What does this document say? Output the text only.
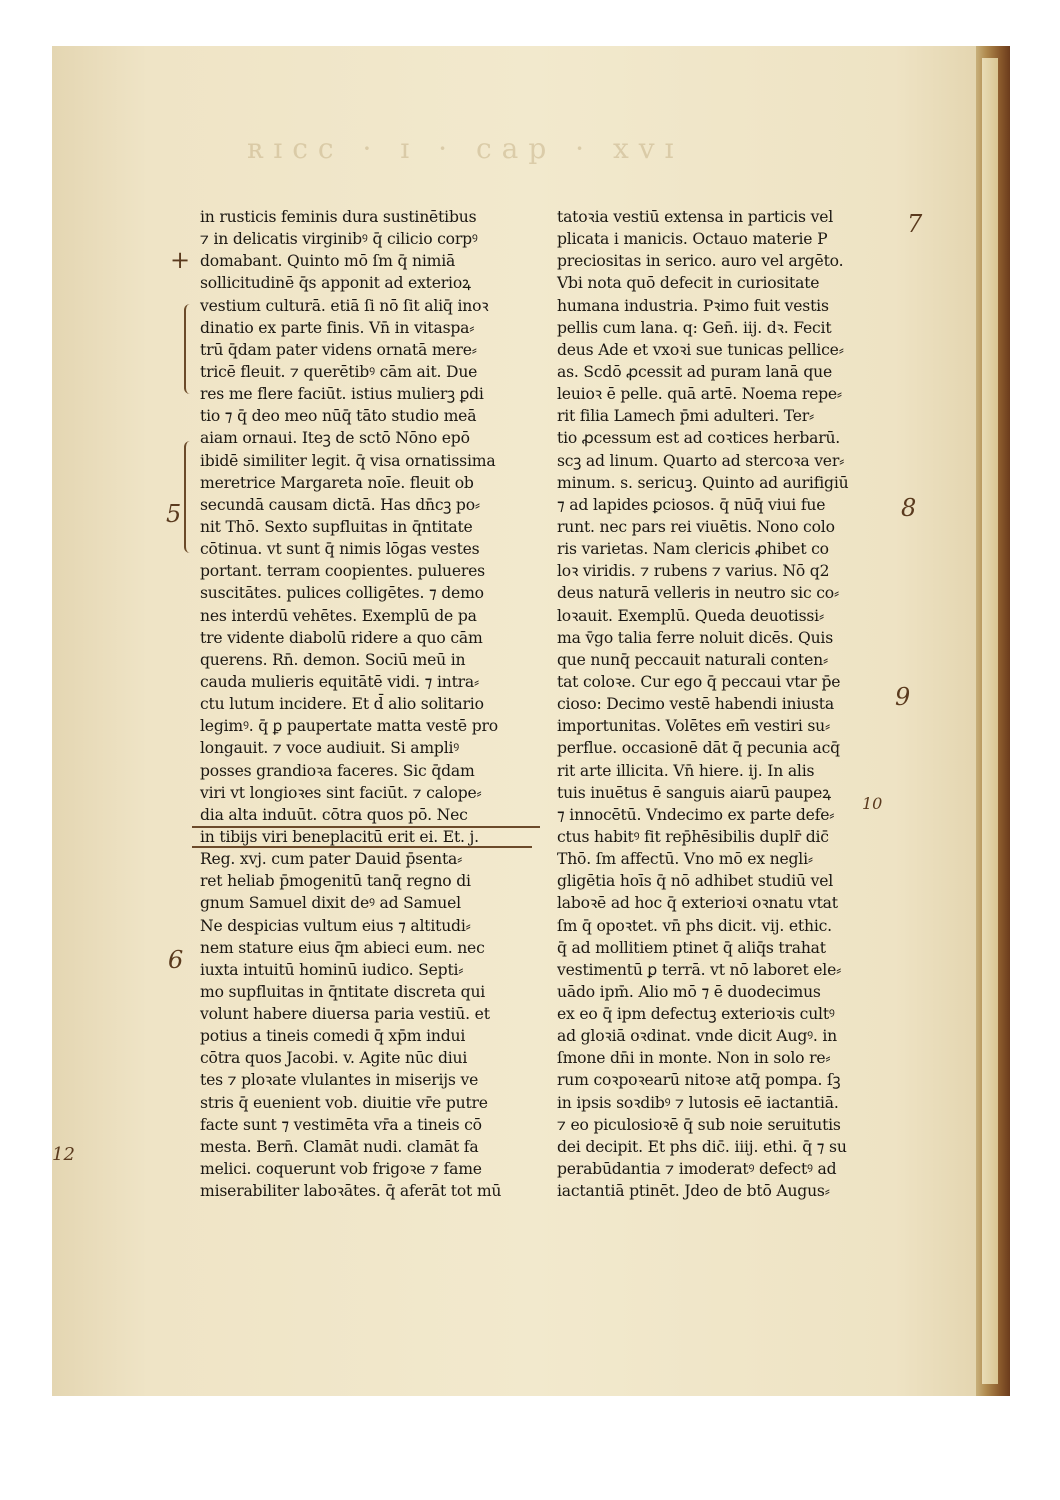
ʀɪcc · ɪ · cap · xvɪ
in rusticis feminis dura sustinētibus
⁊ in delicatis virginibꝰ q̄ cilicio corpꝰ
domabant. Quinto mō ſm q̄ nimiā
sollicitudinē q̄s apponit ad exterioꝝ
vestium culturā. etiā ſi nō ſit aliq̄ inoꝛ
dinatio ex parte finis. Vn̄ in vitaspa⸗
trū q̄dam pater videns ornatā mere⸗
tricē fleuit. ⁊ querētibꝰ cām ait. Due
res me flere faciūt. istius mulierꝫ ꝑdi
tio ⁊ q̄ deo meo nūq̄ tāto studio meā
aiam ornaui. Iteꝫ de sctō Nōno epō
ibidē similiter legit. q̄ visa ornatissima
meretrice Margareta noīe. fleuit ob
secundā causam dictā. Has dn̄cꝫ po⸗
nit Thō. Sexto supfluitas in q̄ntitate
cōtinua. vt sunt q̄ nimis lōgas vestes
portant. terram coopientes. pulueres
suscitātes. pulices colligētes. ⁊ demo
nes interdū vehētes. Exemplū de pa
tre vidente diabolū ridere a quo cām
querens. Rn̄. demon. Sociū meū in
cauda mulieris equitātē vidi. ⁊ intra⸗
ctu lutum incidere. Et d̄ alio solitario
legimꝰ. q̄ ꝑ paupertate matta vestē pro
longauit. ⁊ voce audiuit. Si ampliꝰ
posses grandioꝛa faceres. Sic q̄dam
viri vt longioꝛes sint faciūt. ⁊ calope⸗
dia alta induūt. cōtra quos pō. Nec
in tibijs viri beneplacitū erit ei. Et. j.
Reg. xvj. cum pater Dauid p̄senta⸗
ret heliab p̄mogenitū tanq̄ regno di
gnum Samuel dixit deꝰ ad Samuel
Ne despicias vultum eius ⁊ altitudi⸗
nem stature eius q̄m abieci eum. nec
iuxta intuitū hominū iudico. Septi⸗
mo supfluitas in q̄ntitate discreta qui
volunt habere diuersa paria vestiū. et
potius a tineis comedi q̄ xp̄m indui
cōtra quos Jacobi. v. Agite nūc diui
tes ⁊ ploꝛate vlulantes in miserijs ve
stris q̄ euenient vob. diuitie vr̄e putre
facte sunt ⁊ vestimēta vr̄a a tineis cō
mesta. Bern̄. Clamāt nudi. clamāt fa
melici. coquerunt vob frigoꝛe ⁊ fame
miserabiliter laboꝛātes. q̄ aferāt tot mū
tatoꝛia vestiū extensa in particis vel
plicata i manicis. Octauo materie P
preciositas in serico. auro vel argēto.
Vbi nota quō defecit in curiositate
humana industria. Pꝛimo fuit vestis
pellis cum lana. q: Gen̄. iij. dꝛ. Fecit
deus Ade et vxoꝛi sue tunicas pellice⸗
as. Scdō ꝓcessit ad puram lanā que
leuioꝛ ē pelle. quā artē. Noema repe⸗
rit filia Lamech p̄mi adulteri. Ter⸗
tio ꝓcessum est ad coꝛtices herbarū.
scꝫ ad linum. Quarto ad stercoꝛa ver⸗
minum. s. sericuꝫ. Quinto ad aurifigiū
⁊ ad lapides ꝑciosos. q̄ nūq̄ viui fue
runt. nec pars rei viuētis. Nono colo
ris varietas. Nam clericis ꝓhibet co
loꝛ viridis. ⁊ rubens ⁊ varius. Nō q2
deus naturā velleris in neutro sic co⸗
loꝛauit. Exemplū. Queda deuotissi⸗
ma v̄go talia ferre noluit dicēs. Quis
que nunq̄ peccauit naturali conten⸗
tat coloꝛe. Cur ego q̄ peccaui vtar p̄e
cioso: Decimo vestē habendi iniusta
importunitas. Volētes em̄ vestiri su⸗
perflue. occasionē dāt q̄ pecunia acq̄
rit arte illicita. Vn̄ hiere. ij. In alis
tuis inuētus ē sanguis aiarū paupeꝝ
⁊ innocētū. Vndecimo ex parte defe⸗
ctus habitꝰ fit rep̄hēsibilis duplr̄ dic̄
Thō. ſm affectū. Vno mō ex negli⸗
gligētia hoīs q̄ nō adhibet studiū vel
laboꝛē ad hoc q̄ exterioꝛi oꝛnatu vtat
ſm q̄ opoꝛtet. vn̄ phs dicit. vij. ethic.
q̄ ad mollitiem ptinet q̄ aliq̄s trahat
vestimentū ꝑ terrā. vt nō laboret ele⸗
uādo ipm̄. Alio mō ⁊ ē duodecimus
ex eo q̄ ipm defectuꝫ exterioꝛis cultꝰ
ad gloꝛiā oꝛdinat. vnde dicit Augꝰ. in
ſmone dn̄i in monte. Non in solo re⸗
rum coꝛpoꝛearū nitoꝛe atq̄ pompa. ſꝫ
in ipsis soꝛdibꝰ ⁊ lutosis eē iactantiā.
⁊ eo piculosioꝛē q̄ sub noie seruitutis
dei decipit. Et phs dic̄. iiij. ethi. q̄ ⁊ su
perabūdantia ⁊ imoderatꝰ defectꝰ ad
iactantiā ptinēt. Jdeo de btō Augus⸗
+
5
6
12
7
8
9
10
